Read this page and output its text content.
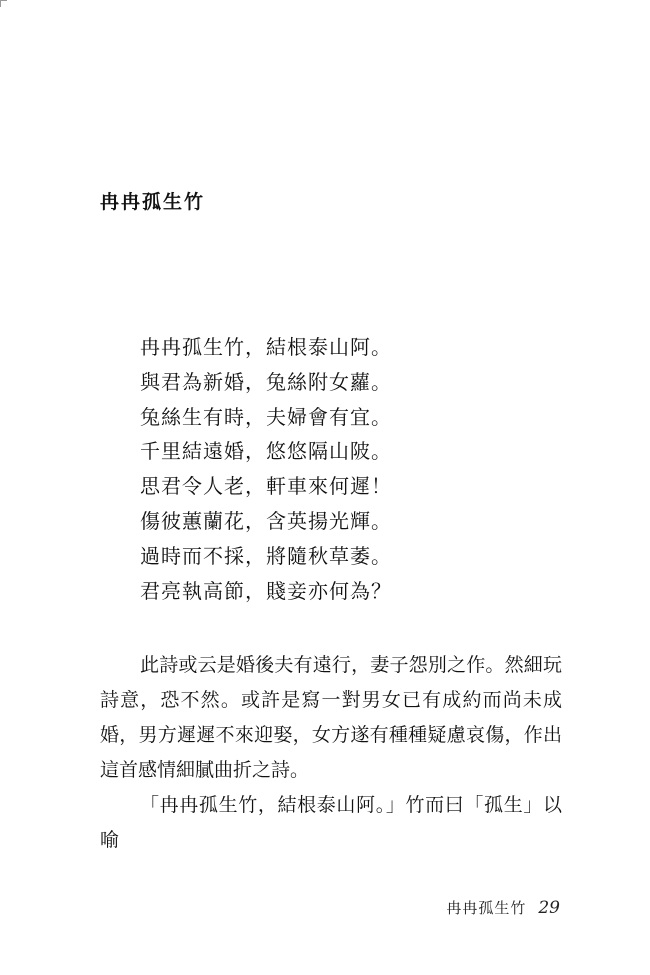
冉冉孤生竹
冉冉孤生竹，結根泰山阿。
與君為新婚，兔絲附女蘿。
兔絲生有時，夫婦會有宜。
千里結遠婚，悠悠隔山陂。
思君令人老，軒車來何遲！
傷彼蕙蘭花，含英揚光輝。
過時而不採，將隨秋草萎。
君亮執高節，賤妾亦何為？

此詩或云是婚後夫有遠行，妻子怨別之作。然細玩詩意，恐不然。或許是寫一對男女已有成約而尚未成婚，男方遲遲不來迎娶，女方遂有種種疑慮哀傷，作出這首感情細膩曲折之詩。

「冉冉孤生竹，結根泰山阿。」竹而曰「孤生」以喻

冉冉孤生竹 29
